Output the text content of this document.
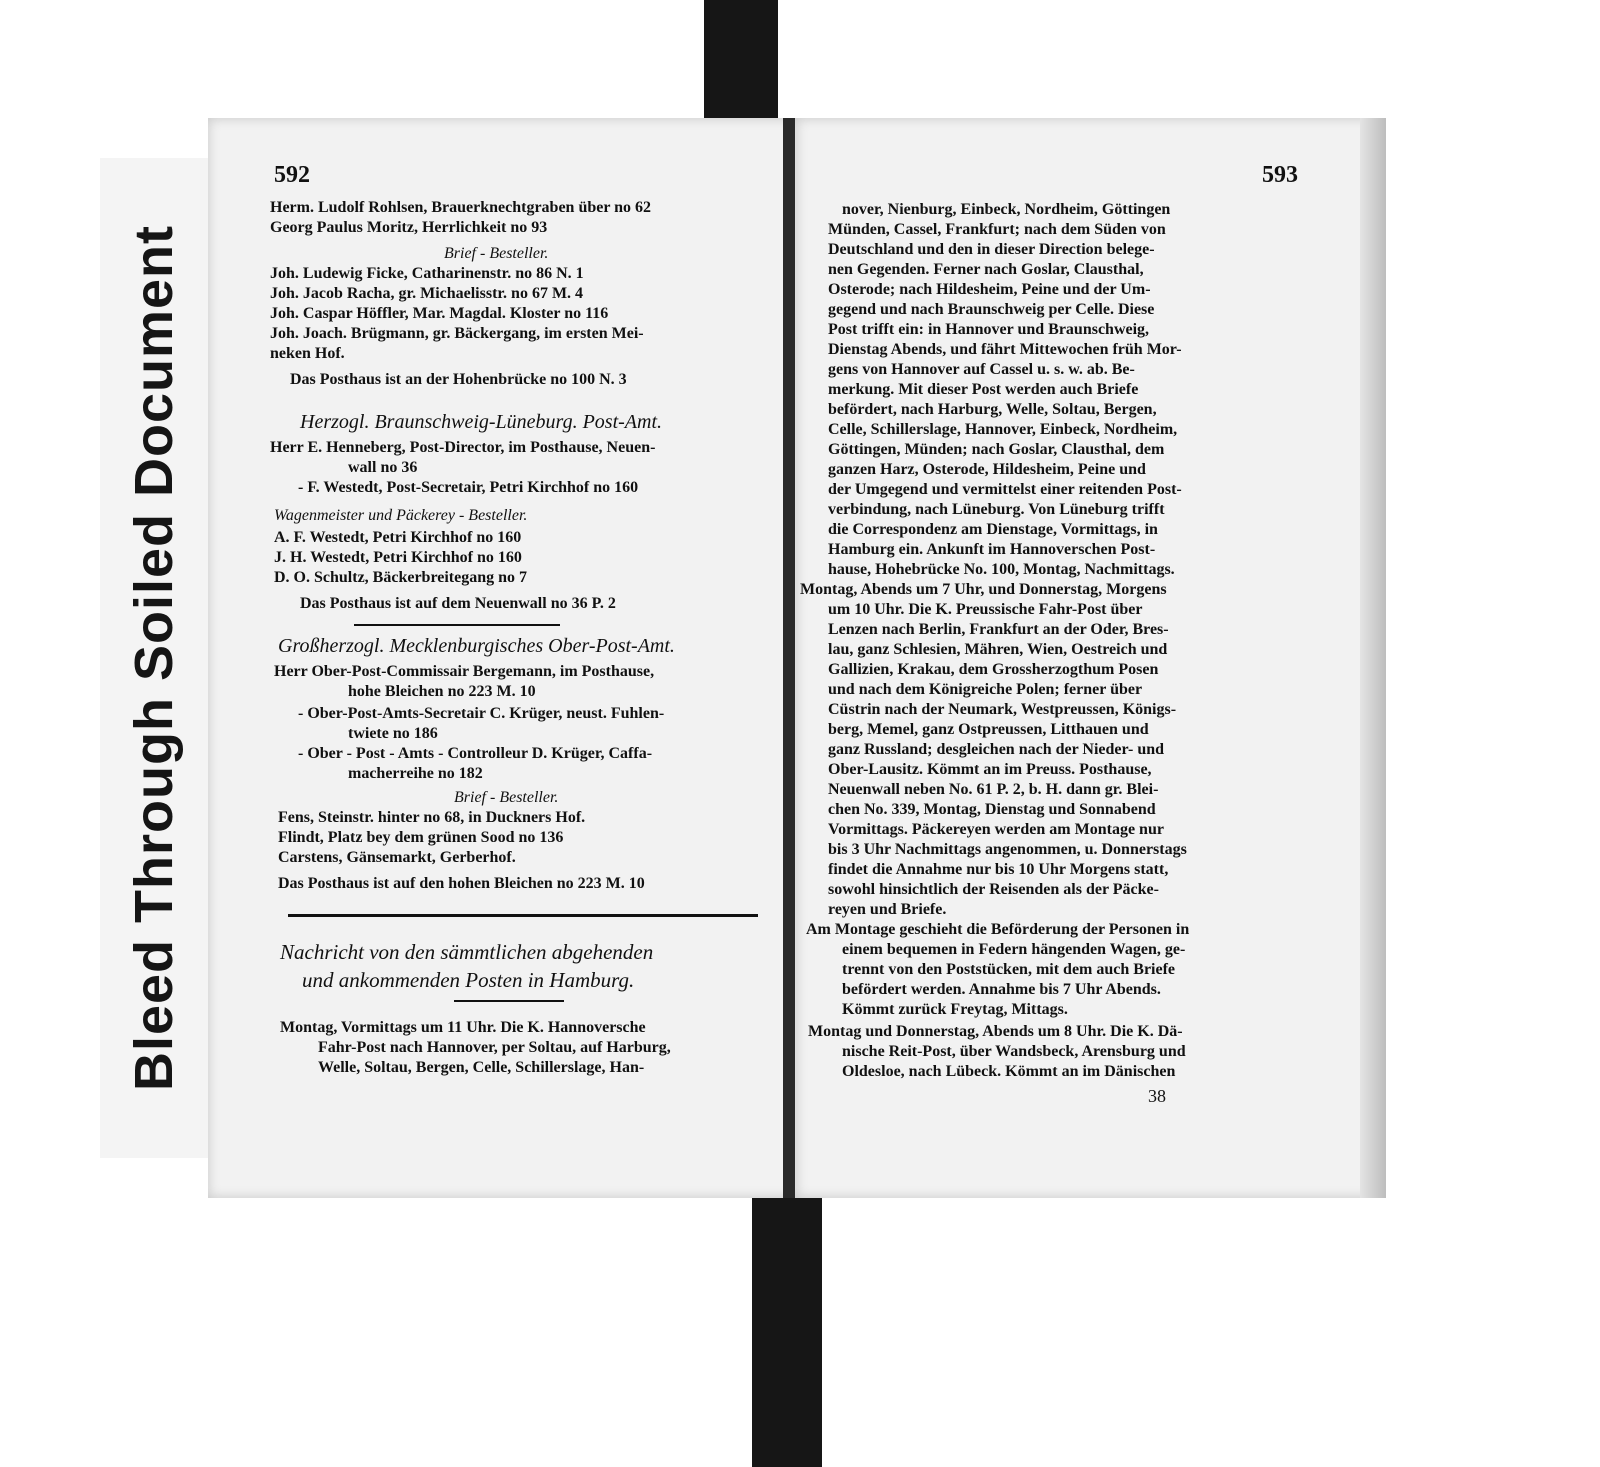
Bleed Through Soiled Document
592
Herm. Ludolf Rohlsen, Brauerknechtgraben über no 62
Georg Paulus Moritz, Herrlichkeit no 93
Brief - Besteller.
Joh. Ludewig Ficke, Catharinenstr. no 86 N. 1
Joh. Jacob Racha, gr. Michaelisstr. no 67 M. 4
Joh. Caspar Höffler, Mar. Magdal. Kloster no 116
Joh. Joach. Brügmann, gr. Bäckergang, im ersten Mei-
neken Hof.
Das Posthaus ist an der Hohenbrücke no 100 N. 3
Herzogl. Braunschweig-Lüneburg. Post-Amt.
Herr E. Henneberg, Post-Director, im Posthause, Neuen-
wall no 36
- F. Westedt, Post-Secretair, Petri Kirchhof no 160
Wagenmeister und Päckerey - Besteller.
A. F. Westedt, Petri Kirchhof no 160
J. H. Westedt, Petri Kirchhof no 160
D. O. Schultz, Bäckerbreitegang no 7
Das Posthaus ist auf dem Neuenwall no 36 P. 2
Großherzogl. Mecklenburgisches Ober-Post-Amt.
Herr Ober-Post-Commissair Bergemann, im Posthause,
hohe Bleichen no 223 M. 10
- Ober-Post-Amts-Secretair C. Krüger, neust. Fuhlen-
twiete no 186
- Ober - Post - Amts - Controlleur D. Krüger, Caffa-
macherreihe no 182
Brief - Besteller.
Fens, Steinstr. hinter no 68, in Duckners Hof.
Flindt, Platz bey dem grünen Sood no 136
Carstens, Gänsemarkt, Gerberhof.
Das Posthaus ist auf den hohen Bleichen no 223 M. 10
Nachricht von den sämmtlichen abgehenden
und ankommenden Posten in Hamburg.
Montag, Vormittags um 11 Uhr. Die K. Hannoversche
Fahr-Post nach Hannover, per Soltau, auf Harburg,
Welle, Soltau, Bergen, Celle, Schillerslage, Han-
593
nover, Nienburg, Einbeck, Nordheim, Göttingen
Münden, Cassel, Frankfurt; nach dem Süden von
Deutschland und den in dieser Direction belege-
nen Gegenden. Ferner nach Goslar, Clausthal,
Osterode; nach Hildesheim, Peine und der Um-
gegend und nach Braunschweig per Celle. Diese
Post trifft ein: in Hannover und Braunschweig,
Dienstag Abends, und fährt Mittewochen früh Mor-
gens von Hannover auf Cassel u. s. w. ab. Be-
merkung. Mit dieser Post werden auch Briefe
befördert, nach Harburg, Welle, Soltau, Bergen,
Celle, Schillerslage, Hannover, Einbeck, Nordheim,
Göttingen, Münden; nach Goslar, Clausthal, dem
ganzen Harz, Osterode, Hildesheim, Peine und
der Umgegend und vermittelst einer reitenden Post-
verbindung, nach Lüneburg. Von Lüneburg trifft
die Correspondenz am Dienstage, Vormittags, in
Hamburg ein. Ankunft im Hannoverschen Post-
hause, Hohebrücke No. 100, Montag, Nachmittags.
Montag, Abends um 7 Uhr, und Donnerstag, Morgens
um 10 Uhr. Die K. Preussische Fahr-Post über
Lenzen nach Berlin, Frankfurt an der Oder, Bres-
lau, ganz Schlesien, Mähren, Wien, Oestreich und
Gallizien, Krakau, dem Grossherzogthum Posen
und nach dem Königreiche Polen; ferner über
Cüstrin nach der Neumark, Westpreussen, Königs-
berg, Memel, ganz Ostpreussen, Litthauen und
ganz Russland; desgleichen nach der Nieder- und
Ober-Lausitz. Kömmt an im Preuss. Posthause,
Neuenwall neben No. 61 P. 2, b. H. dann gr. Blei-
chen No. 339, Montag, Dienstag und Sonnabend
Vormittags. Päckereyen werden am Montage nur
bis 3 Uhr Nachmittags angenommen, u. Donnerstags
findet die Annahme nur bis 10 Uhr Morgens statt,
sowohl hinsichtlich der Reisenden als der Päcke-
reyen und Briefe.
Am Montage geschieht die Beförderung der Personen in
einem bequemen in Federn hängenden Wagen, ge-
trennt von den Poststücken, mit dem auch Briefe
befördert werden. Annahme bis 7 Uhr Abends.
Kömmt zurück Freytag, Mittags.
Montag und Donnerstag, Abends um 8 Uhr. Die K. Dä-
nische Reit-Post, über Wandsbeck, Arensburg und
Oldesloe, nach Lübeck. Kömmt an im Dänischen
38
